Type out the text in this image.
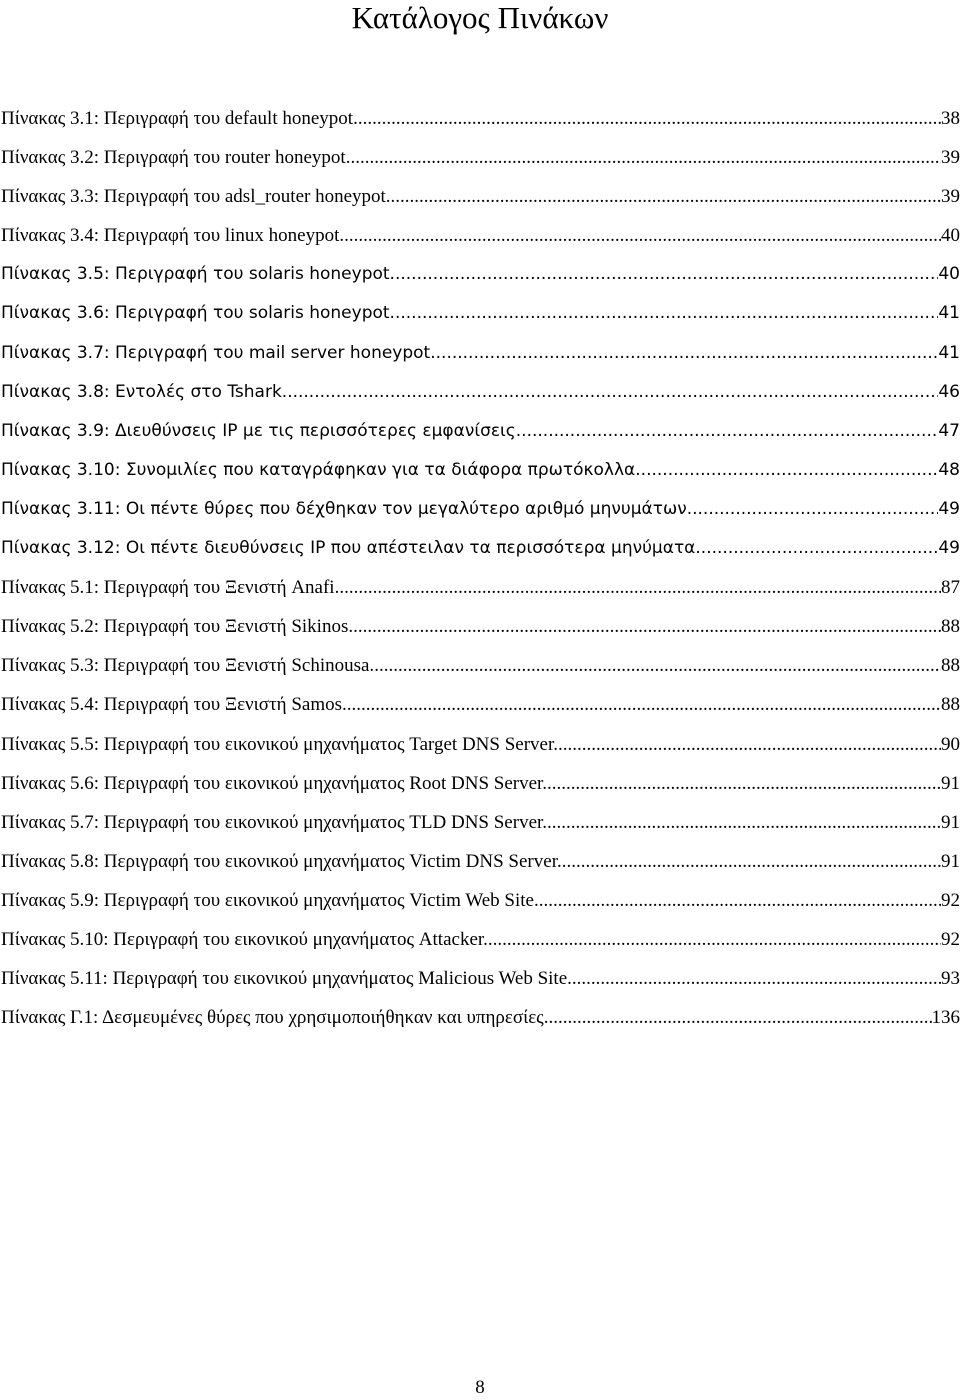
Κατάλογος Πινάκων
Πίνακας 3.1: Περιγραφή του default honeypot. .....	38
Πίνακας 3.2: Περιγραφή του router honeypot. .....	39
Πίνακας 3.3: Περιγραφή του adsl_router honeypot .....	39
Πίνακας 3.4: Περιγραφή του linux honeypot. .....	40
Πίνακας 3.5: Περιγραφή του solaris honeypot. .....	40
Πίνακας 3.6: Περιγραφή του solaris honeypot. .....	41
Πίνακας 3.7: Περιγραφή του mail server honeypot .....	41
Πίνακας 3.8: Εντολές στο Tshark. .....	46
Πίνακας 3.9: Διευθύνσεις IP με τις περισσότερες εμφανίσεις. .....	47
Πίνακας 3.10: Συνομιλίες που καταγράφηκαν για τα διάφορα πρωτόκολλα. .....	48
Πίνακας 3.11: Οι πέντε θύρες που δέχθηκαν τον μεγαλύτερο αριθμό μηνυμάτων. .....	49
Πίνακας 3.12: Οι πέντε διευθύνσεις IP που απέστειλαν τα περισσότερα μηνύματα. .....	49
Πίνακας 5.1: Περιγραφή του Ξενιστή Anafi. .....	87
Πίνακας 5.2: Περιγραφή του Ξενιστή Sikinos. .....	88
Πίνακας 5.3: Περιγραφή του Ξενιστή Schinousa. .....	88
Πίνακας 5.4: Περιγραφή του Ξενιστή Samos. .....	88
Πίνακας 5.5: Περιγραφή του εικονικού μηχανήματος Target DNS Server. .....	90
Πίνακας 5.6: Περιγραφή του εικονικού μηχανήματος Root DNS Server. .....	91
Πίνακας 5.7: Περιγραφή του εικονικού μηχανήματος TLD DNS Server. .....	91
Πίνακας 5.8: Περιγραφή του εικονικού μηχανήματος Victim DNS Server. .....	91
Πίνακας 5.9: Περιγραφή του εικονικού μηχανήματος Victim Web Site. .....	92
Πίνακας 5.10: Περιγραφή του εικονικού μηχανήματος Attacker. .....	92
Πίνακας 5.11: Περιγραφή του εικονικού μηχανήματος Malicious Web Site. .....	93
Πίνακας Γ.1: Δεσμευμένες θύρες που χρησιμοποιήθηκαν και υπηρεσίες. .....	136
8
